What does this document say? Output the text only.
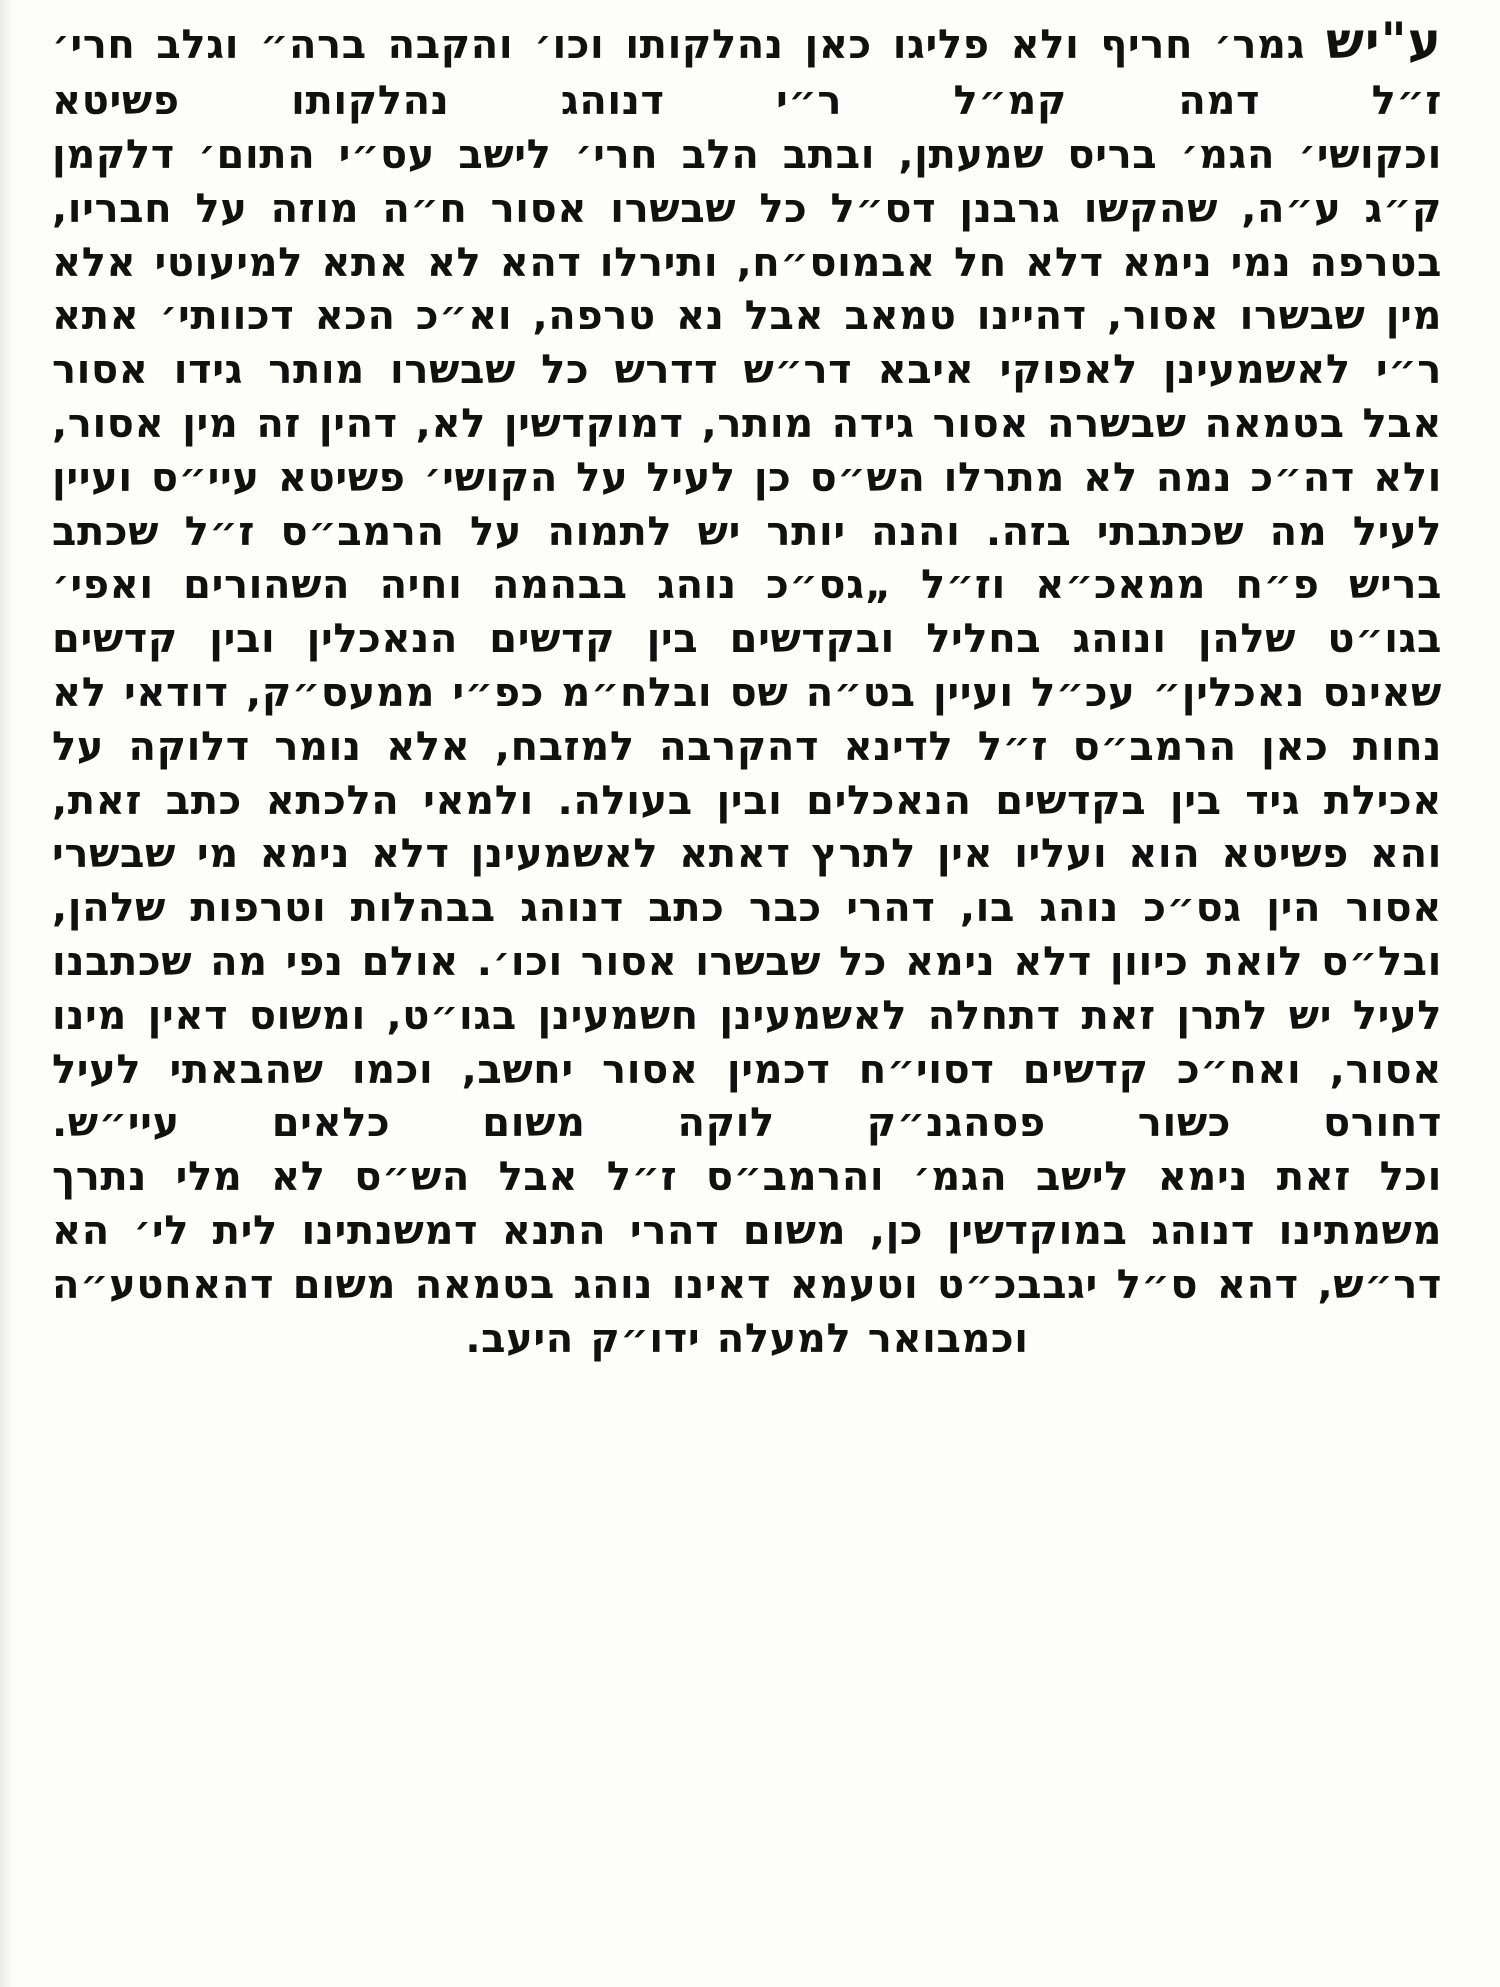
ע"יש גמר׳ חריף ולא פליגו כאן נהלקותו וכו׳ והקבה ברה״ וגלב חרי׳ ז״ל דמה קמ״ל ר״י דנוהג נהלקותו פשיטא

וכקושי׳ הגמ׳ בריס שמעתן, ובתב הלב חרי׳ לישב עס״י התום׳ דלקמן ק״ג ע״ה, שהקשו גרבנן דס״ל כל שבשרו אסור ח״ה מוזה על חבריו, בטרפה נמי נימא דלא חל אבמוס״ח, ותירלו דהא לא אתא למיעוטי אלא מין שבשרו אסור, דהיינו טמאב אבל נא טרפה, וא״כ הכא דכוותי׳ אתא ר״י לאשמעינן לאפוקי איבא דר״ש דדרש כל שבשרו מותר גידו אסור אבל בטמאה שבשרה אסור גידה מותר, דמוקדשין לא, דהין זה מין אסור, ולא דה״כ נמה לא מתרלו הש״ס כן לעיל על הקושי׳ פשיטא עיי״ס ועיין לעיל מה שכתבתי בזה. והנה יותר יש לתמוה על הרמב״ס ז״ל שכתב בריש פ״ח ממאכ״א וז״ל „גס״כ נוהג בבהמה וחיה השהורים ואפי׳ בגו״ט שלהן ונוהג בחליל ובקדשים בין קדשים הנאכלין ובין קדשים שאינס נאכלין״ עכ״ל ועיין בט״ה שס ובלח״מ כפ״י ממעס״ק, דודאי לא נחות כאן הרמב״ס ז״ל לדינא דהקרבה למזבח, אלא נומר דלוקה על אכילת גיד בין בקדשים הנאכלים ובין בעולה. ולמאי הלכתא כתב זאת, והא פשיטא הוא ועליו אין לתרץ דאתא לאשמעינן דלא נימא מי שבשרי אסור הין גס״כ נוהג בו, דהרי כבר כתב דנוהג בבהלות וטרפות שלהן, ובל״ס לואת כיוון דלא נימא כל שבשרו אסור וכו׳. אולם נפי מה שכתבנו לעיל יש לתרן זאת דתחלה לאשמעינן חשמעינן בגו״ט, ומשוס דאין מינו אסור, ואח״כ קדשים דסוי״ח דכמין אסור יחשב, וכמו שהבאתי לעיל דחורס כשור פסהגנ״ק לוקה משום כלאים עיי״ש.

וכל זאת נימא לישב הגמ׳ והרמב״ס ז״ל אבל הש״ס לא מלי נתרך משמתינו דנוהג במוקדשין כן, משום דהרי התנא דמשנתינו לית לי׳ הא דר״ש, דהא ס״ל יגבבכ״ט וטעמא דאינו נוהג בטמאה משום דהאחטע״ה וכמבואר למעלה ידו״ק היעב.
